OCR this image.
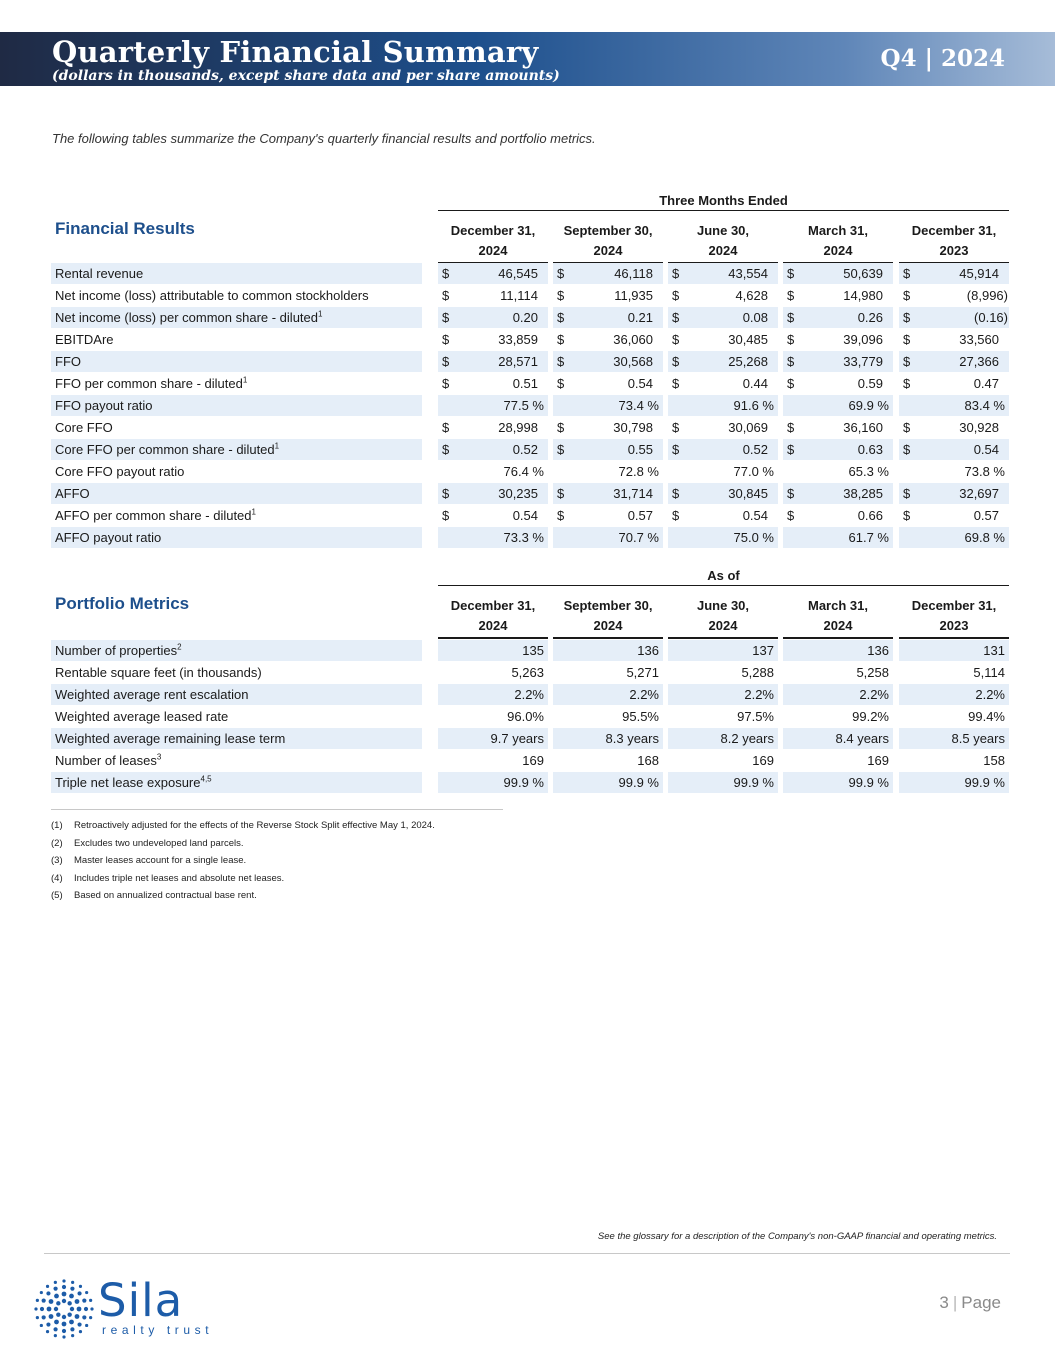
Quarterly Financial Summary
(dollars in thousands, except share data and per share amounts)
Q4 | 2024
The following tables summarize the Company's quarterly financial results and portfolio metrics.
Three Months Ended
Financial Results	December 31,
2024
September 30,
2024
June 30,
2024
March 31,
2024
December 31,
2023
Rental revenue	$	46,545 $	46,118 $	43,554 $	50,639 $	45,914
Net income (loss) attributable to common stockholders	$	11,114 $	11,935 $	4,628 $	14,980 $	(8,996)
Net income (loss) per common share - diluted$^1$	$	0.20 $	0.21 $	0.08 $	0.26 $	(0.16)
EBITDAre	$	33,859 $	36,060 $	30,485 $	39,096 $	33,560
FFO	$	28,571 $	30,568 $	25,268 $	33,779 $	27,366
FFO per common share - diluted$^1$	$	0.51 $	0.54 $	0.44 $	0.59 $	0.47
FFO payout ratio	77.5 %	73.4 %	91.6 %	69.9 %	83.4 %
Core FFO	$	28,998 $	30,798 $	30,069 $	36,160 $	30,928
Core FFO per common share - diluted$^1$	$	0.52 $	0.55 $	0.52 $	0.63 $	0.54
Core FFO payout ratio	76.4 %	72.8 %	77.0 %	65.3 %	73.8 %
AFFO	$	30,235 $	31,714 $	30,845 $	38,285 $	32,697
AFFO per common share - diluted$^1$	$	0.54 $	0.57 $	0.54 $	0.66 $	0.57
AFFO payout ratio	73.3 %	70.7 %	75.0 %	61.7 %	69.8 %
As of
Portfolio Metrics	December 31,
2024
September 30,
2024
June 30,
2024
March 31,
2024
December 31,
2023
Number of properties$^2$	135	136	137	136	131
Rentable square feet (in thousands)	5,263	5,271	5,288	5,258	5,114
Weighted average rent escalation	2.2%	2.2%	2.2%	2.2%	2.2%
Weighted average leased rate	96.0%	95.5%	97.5%	99.2%	99.4%
Weighted average remaining lease term	9.7 years	8.3 years	8.2 years	8.4 years	8.5 years
Number of leases$^3$	169	168	169	169	158
Triple net lease exposure$^{4,5}$	99.9 %	99.9 %	99.9 %	99.9 %	99.9 %
(1) Retroactively adjusted for the effects of the Reverse Stock Split effective May 1, 2024.
(2) Excludes two undeveloped land parcels.
(3) Master leases account for a single lease.
(4) Includes triple net leases and absolute net leases.
(5) Based on annualized contractual base rent.
See the glossary for a description of the Company's non-GAAP financial and operating metrics.
Sila
realty trust
3 | Page
